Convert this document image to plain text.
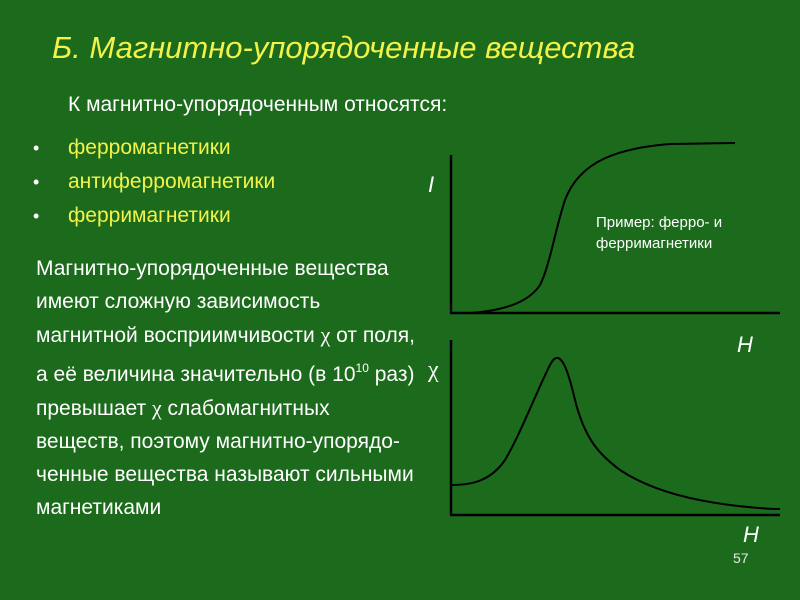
Б. Магнитно-упорядоченные вещества
К магнитно-упорядоченным относятся:
• ферромагнетики
• антиферромагнетики
• ферримагнетики
Магнитно-упорядоченные вещества имеют сложную зависимость магнитной восприимчивости χ от поля, а её величина значительно (в $10^{10}$ раз) превышает χ слабомагнитных веществ, поэтому магнитно-упорядо-ченные вещества называют сильными магнетиками
I
H
χ
H
Пример: ферро- и ферримагнетики
57
